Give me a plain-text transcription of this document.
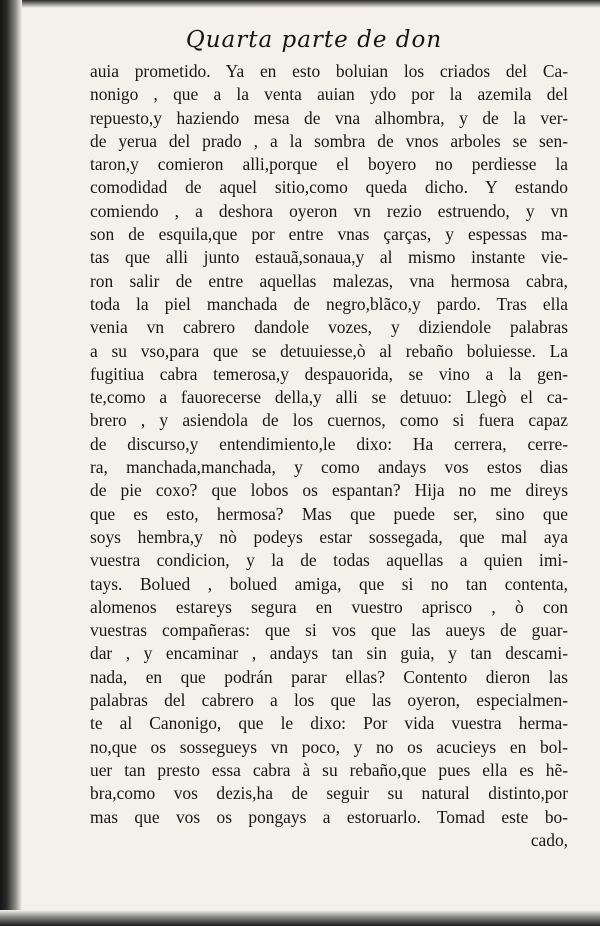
Quarta parte de don
auia prometido. Ya en esto boluian los criados del Ca-
nonigo , que a la venta auian ydo por la azemila del
repuesto,y haziendo mesa de vna alhombra, y de la ver-
de yerua del prado , a la sombra de vnos arboles se sen-
taron,y comieron alli,porque el boyero no perdiesse la
comodidad de aquel sitio,como queda dicho. Y estando
comiendo , a deshora oyeron vn rezio estruendo, y vn
son de esquila,que por entre vnas çarças, y espessas ma-
tas que alli junto estauã,sonaua,y al mismo instante vie-
ron salir de entre aquellas malezas, vna hermosa cabra,
toda la piel manchada de negro,blãco,y pardo. Tras ella
venia vn cabrero dandole vozes, y diziendole palabras
a su vso,para que se detuuiesse,ò al rebaño boluiesse. La
fugitiua cabra temerosa,y despauorida, se vino a la gen-
te,como a fauorecerse della,y alli se detuuo: Llegò el ca-
brero , y asiendola de los cuernos, como si fuera capaz
de discurso,y entendimiento,le dixo: Ha cerrera, cerre-
ra, manchada,manchada, y como andays vos estos dias
de pie coxo? que lobos os espantan? Hija no me direys
que es esto, hermosa? Mas que puede ser, sino que
soys hembra,y nò podeys estar sossegada, que mal aya
vuestra condicion, y la de todas aquellas a quien imi-
tays. Bolued , bolued amiga, que si no tan contenta,
alomenos estareys segura en vuestro aprisco , ò con
vuestras compañeras: que si vos que las aueys de guar-
dar , y encaminar , andays tan sin guia, y tan descami-
nada, en que podrán parar ellas? Contento dieron las
palabras del cabrero a los que las oyeron, especialmen-
te al Canonigo, que le dixo: Por vida vuestra herma-
no,que os sossegueys vn poco, y no os acucieys en bol-
uer tan presto essa cabra à su rebaño,que pues ella es hẽ-
bra,como vos dezis,ha de seguir su natural distinto,por
mas que vos os pongays a estoruarlo. Tomad este bo-
cado,
